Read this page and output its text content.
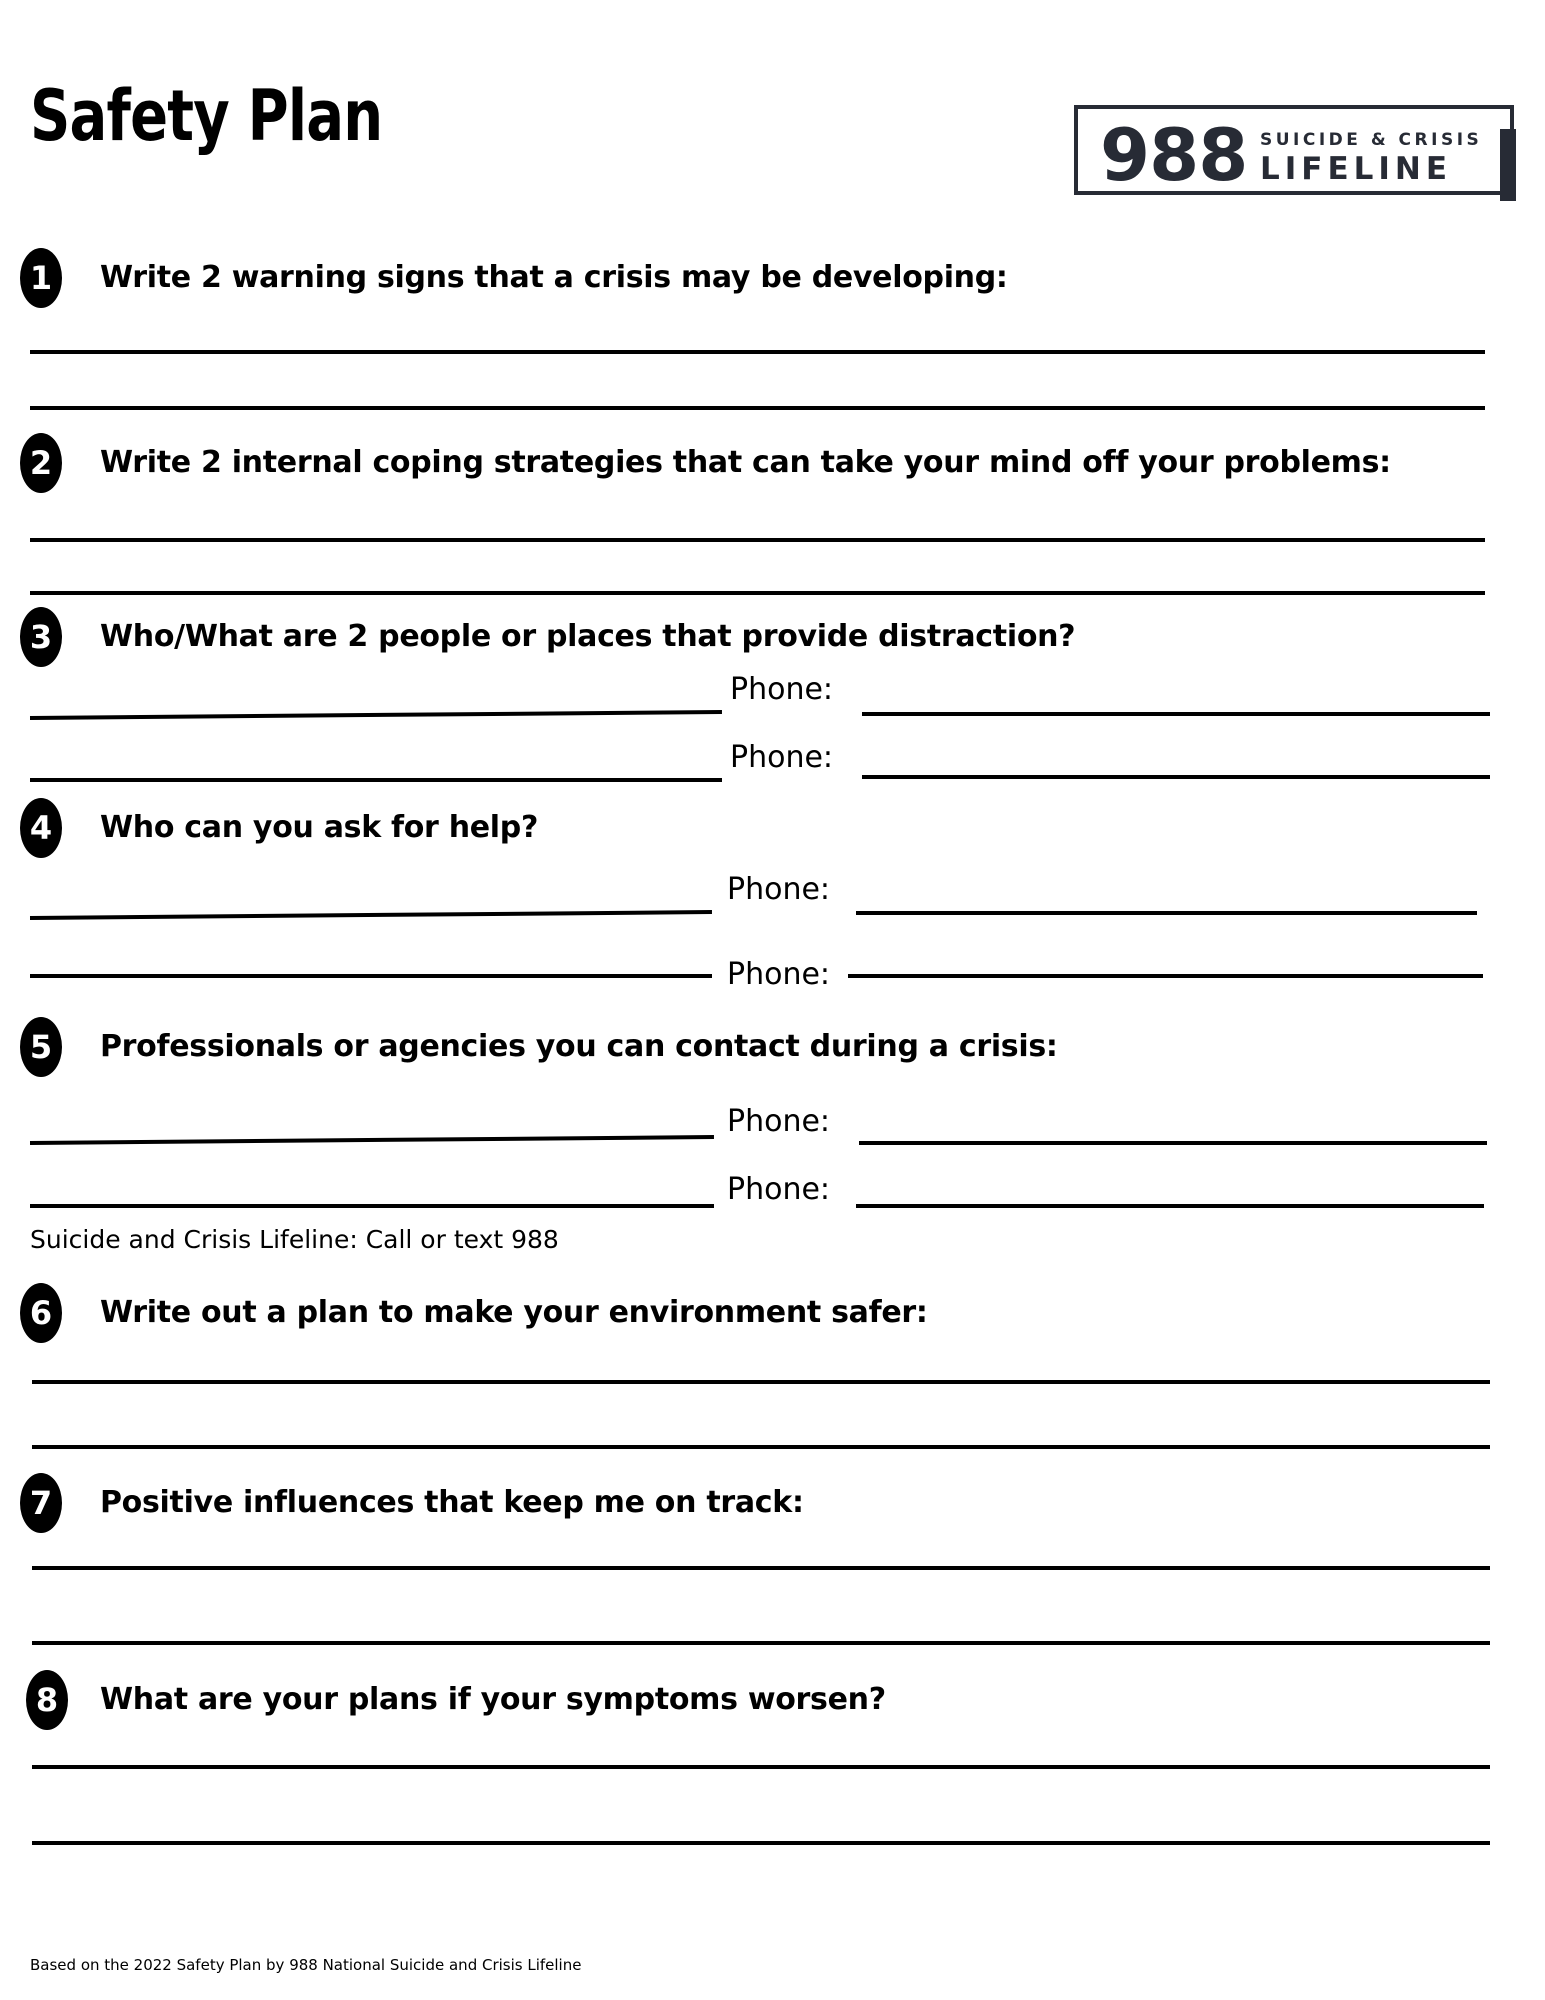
Safety Plan	988 SUICIDE & CRISIS
LIFELINE
1	Write 2 warning signs that a crisis may be developing:
2	Write 2 internal coping strategies that can take your mind off your problems:
3	Who/What are 2 people or places that provide distraction?
Phone:
Phone:
4	Who can you ask for help?
Phone:
Phone:
5	Professionals or agencies you can contact during a crisis:
Phone:
Phone:
Suicide and Crisis Lifeline: Call or text 988
6	Write out a plan to make your environment safer:
7	Positive influences that keep me on track:
8	What are your plans if your symptoms worsen?
Based on the 2022 Safety Plan by 988 National Suicide and Crisis Lifeline
